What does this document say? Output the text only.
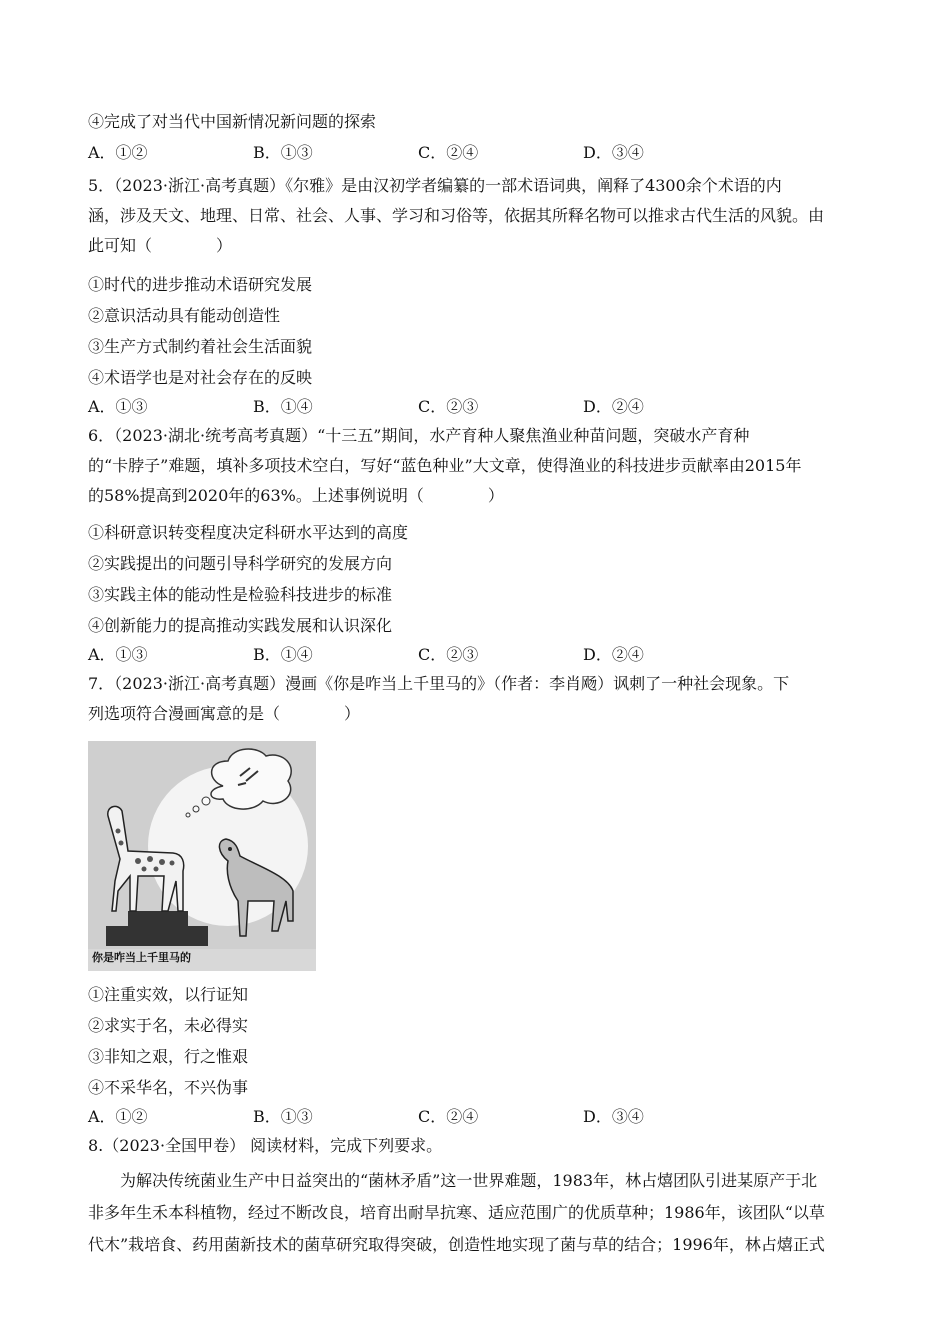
④完成了对当代中国新情况新问题的探索

A．①②	B．①③	C．②④	D．③④

5．（2023·浙江·高考真题）《尔雅》是由汉初学者编纂的一部术语词典，阐释了4300余个术语的内

涵，涉及天文、地理、日常、社会、人事、学习和习俗等，依据其所释名物可以推求古代生活的风貌。由

此可知（　　　　）

①时代的进步推动术语研究发展

②意识活动具有能动创造性

③生产方式制约着社会生活面貌

④术语学也是对社会存在的反映

A．①③	B．①④	C．②③	D．②④

6．（2023·湖北·统考高考真题）“十三五”期间，水产育种人聚焦渔业种苗问题，突破水产育种

的“卡脖子”难题，填补多项技术空白，写好“蓝色种业”大文章，使得渔业的科技进步贡献率由2015年

的58%提高到2020年的63%。上述事例说明（　　　　）

①科研意识转变程度决定科研水平达到的高度

②实践提出的问题引导科学研究的发展方向

③实践主体的能动性是检验科技进步的标准

④创新能力的提高推动实践发展和认识深化

A．①③	B．①④	C．②③	D．②④

7．（2023·浙江·高考真题）漫画《你是咋当上千里马的》（作者：李肖飏）讽刺了一种社会现象。下

列选项符合漫画寓意的是（　　　　）

你是咋当上千里马的

①注重实效，以行证知

②求实于名，未必得实

③非知之艰，行之惟艰

④不采华名，不兴伪事

A．①②	B．①③	C．②④	D．③④

8.（2023·全国甲卷） 阅读材料，完成下列要求。

为解决传统菌业生产中日益突出的“菌林矛盾”这一世界难题，1983年，林占熺团队引进某原产于北

非多年生禾本科植物，经过不断改良，培育出耐旱抗寒、适应范围广的优质草种；1986年，该团队“以草

代木”栽培食、药用菌新技术的菌草研究取得突破，创造性地实现了菌与草的结合；1996年，林占熺正式
